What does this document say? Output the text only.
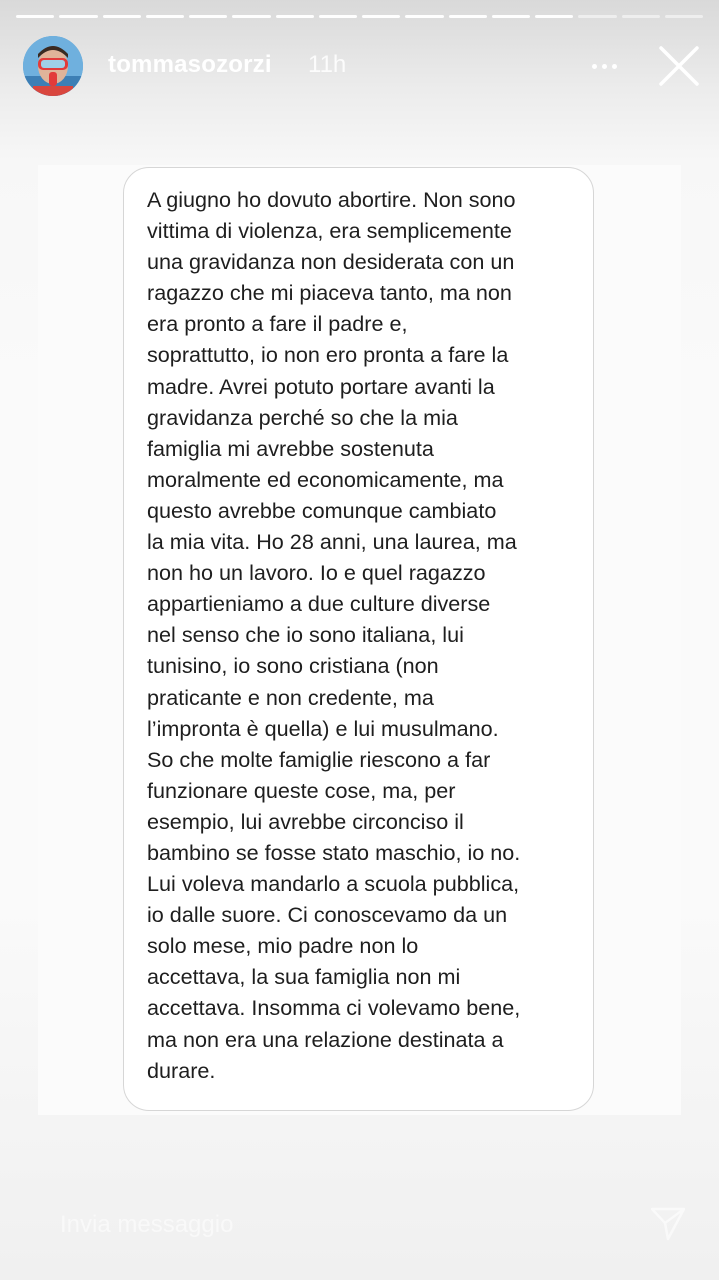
tommasozorzi 11h

A giugno ho dovuto abortire. Non sono
vittima di violenza, era semplicemente
una gravidanza non desiderata con un
ragazzo che mi piaceva tanto, ma non
era pronto a fare il padre e,
soprattutto, io non ero pronta a fare la
madre. Avrei potuto portare avanti la
gravidanza perché so che la mia
famiglia mi avrebbe sostenuta
moralmente ed economicamente, ma
questo avrebbe comunque cambiato
la mia vita. Ho 28 anni, una laurea, ma
non ho un lavoro. Io e quel ragazzo
appartieniamo a due culture diverse
nel senso che io sono italiana, lui
tunisino, io sono cristiana (non
praticante e non credente, ma
l’impronta è quella) e lui musulmano.
So che molte famiglie riescono a far
funzionare queste cose, ma, per
esempio, lui avrebbe circonciso il
bambino se fosse stato maschio, io no.
Lui voleva mandarlo a scuola pubblica,
io dalle suore. Ci conoscevamo da un
solo mese, mio padre non lo
accettava, la sua famiglia non mi
accettava. Insomma ci volevamo bene,
ma non era una relazione destinata a
durare.

Invia messaggio
